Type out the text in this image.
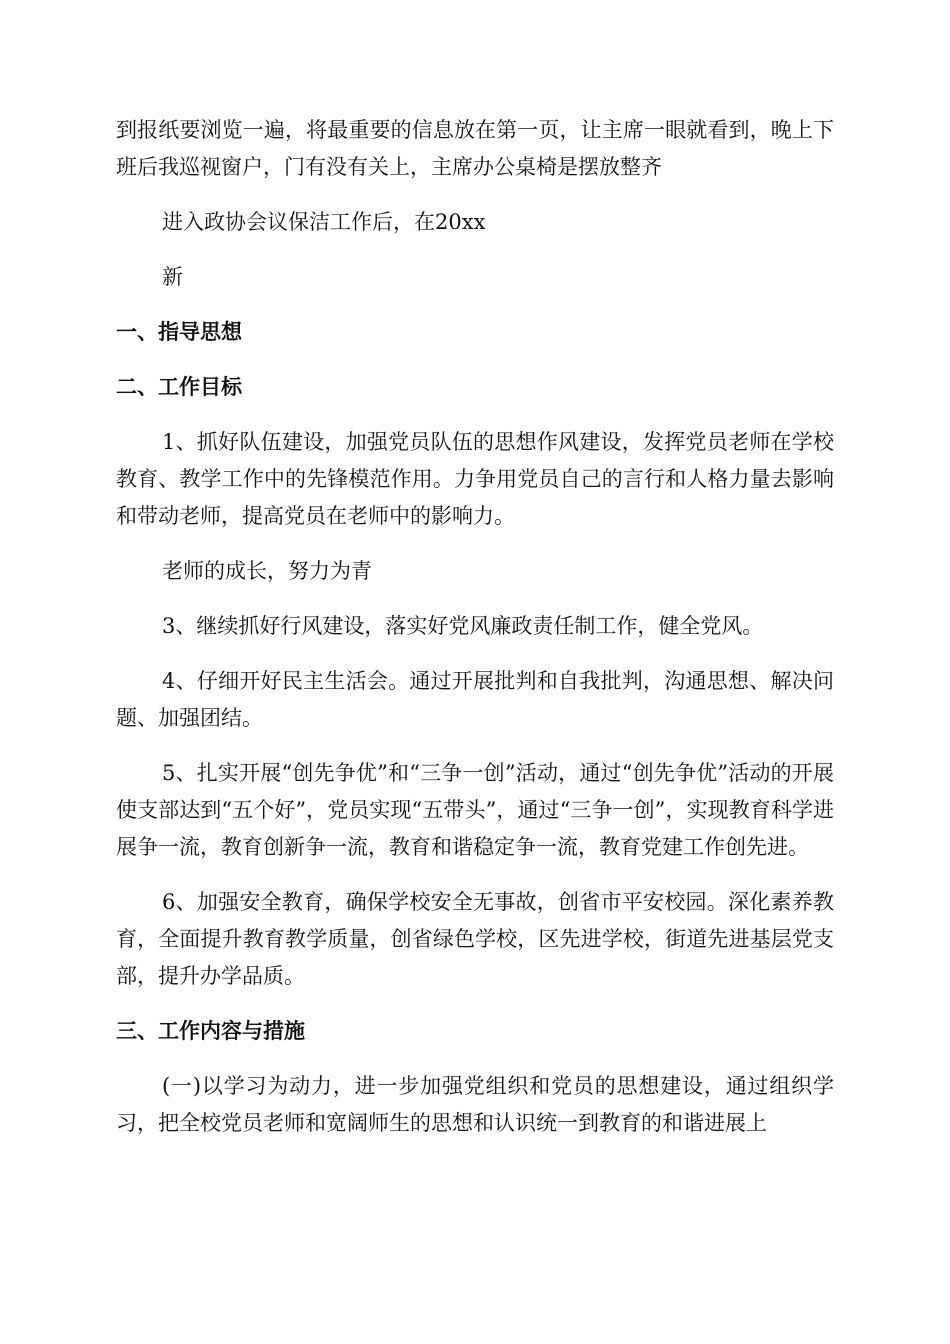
到报纸要浏览一遍，将最重要的信息放在第一页，让主席一眼就看到，晚上下班后我巡视窗户，门有没有关上，主席办公桌椅是摆放整齐

进入政协会议保洁工作后，在20xx

新

一、指导思想
二、工作目标

1、抓好队伍建设，加强党员队伍的思想作风建设，发挥党员老师在学校教育、教学工作中的先锋模范作用。力争用党员自己的言行和人格力量去影响和带动老师，提高党员在老师中的影响力。

老师的成长，努力为青

3、继续抓好行风建设，落实好党风廉政责任制工作，健全党风。

4、仔细开好民主生活会。通过开展批判和自我批判，沟通思想、解决问题、加强团结。

5、扎实开展“创先争优”和“三争一创”活动，通过“创先争优”活动的开展使支部达到“五个好”，党员实现“五带头”，通过“三争一创”，实现教育科学进展争一流，教育创新争一流，教育和谐稳定争一流，教育党建工作创先进。

6、加强安全教育，确保学校安全无事故，创省市平安校园。深化素养教育，全面提升教育教学质量，创省绿色学校，区先进学校，街道先进基层党支部，提升办学品质。

三、工作内容与措施

(一)以学习为动力，进一步加强党组织和党员的思想建设，通过组织学习，把全校党员老师和宽阔师生的思想和认识统一到教育的和谐进展上
